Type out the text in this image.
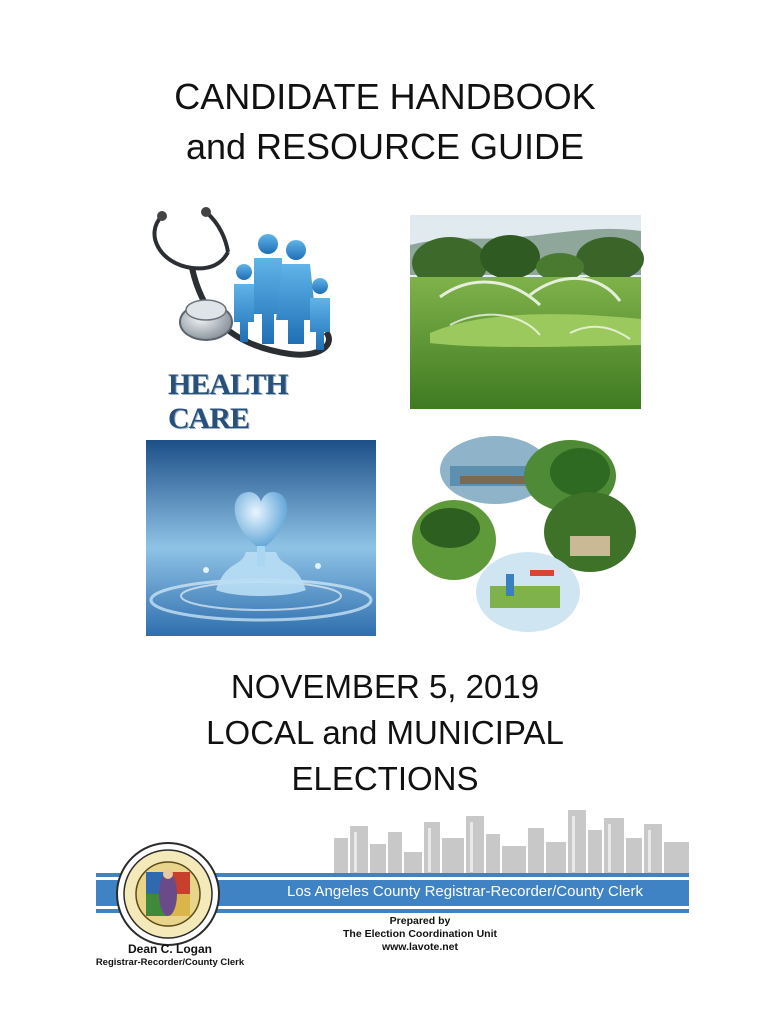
CANDIDATE HANDBOOK
and RESOURCE GUIDE
HEALTH CARE
NOVEMBER 5, 2019
LOCAL and MUNICIPAL
ELECTIONS
Los Angeles County Registrar-Recorder/County Clerk
Prepared by
The Election Coordination Unit
www.lavote.net
Dean C. Logan
Registrar-Recorder/County Clerk
